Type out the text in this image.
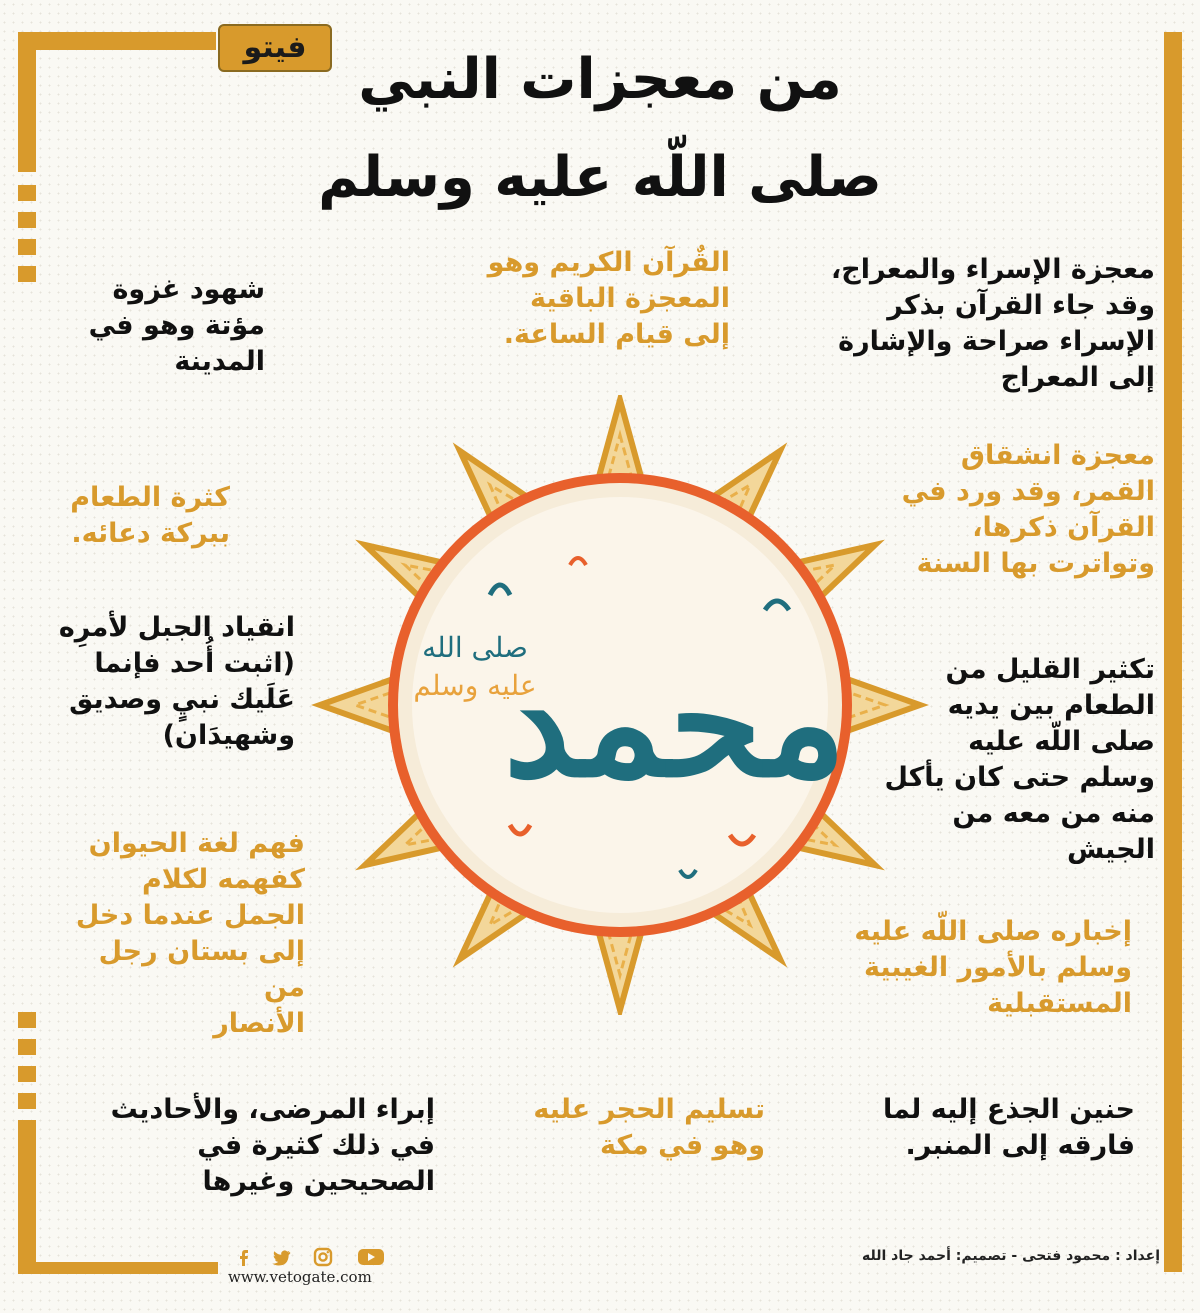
فيتو من معجزات النبي
صلى اللّه عليه وسلم

القٌرآن الكريم وهو
المعجزة الباقية
إلى قيام الساعة.

معجزة الإسراء والمعراج،
وقد جاء القرآن بذكر
الإسراء صراحة والإشارة
إلى المعراج

شهود غزوة
مؤتة وهو في
المدينة

معجزة انشقاق
القمر، وقد ورد في
القرآن ذكرها،
وتواترت بها السنة

كثرة الطعام
ببركة دعائه.

انقياد الجبل لأمرِه
(اثبت أُحد فإنما
عَلَيك نبيٍ وصديق
وشهيدَان)

تكثير القليل من
الطعام بين يديه
صلى اللّه عليه
وسلم حتى كان يأكل
منه من معه من
الجيش

فهم لغة الحيوان
كفهمه لكلام
الجمل عندما دخل
إلى بستان رجل من
الأنصار

إخباره صلى اللّه عليه
وسلم بالأمور الغيبية
المستقبلية

إبراء المرضى، والأحاديث
في ذلك كثيرة في
الصحيحين وغيرها

تسليم الحجر عليه
وهو في مكة

حنين الجذع إليه لما
فارقه إلى المنبر.

محمد
صلى الله
عليه وسلم
إعداد : محمود فتحى - تصميم: أحمد جاد الله
www.vetogate.com
